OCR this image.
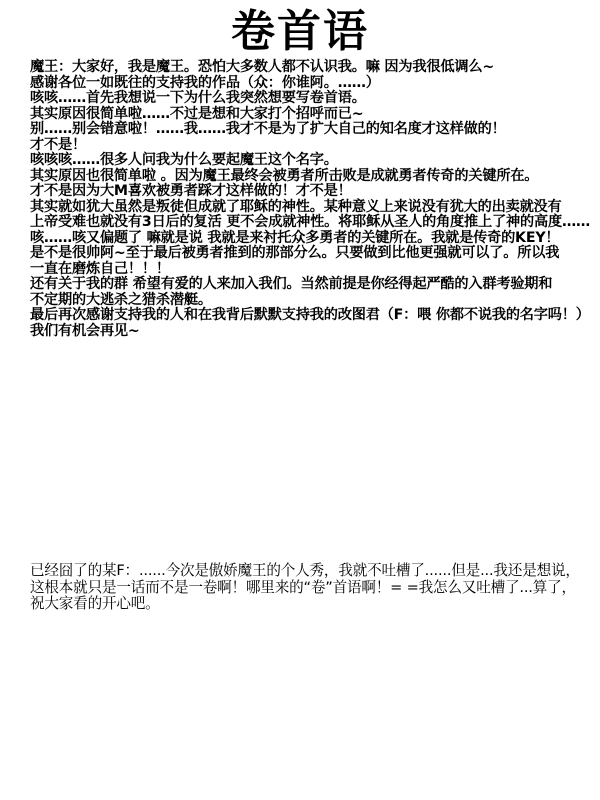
卷首语

魔王：大家好，我是魔王。恐怕大多数人都不认识我。嘛 因为我很低调么~

感谢各位一如既往的支持我的作品（众：你谁阿。……）

咳咳……首先我想说一下为什么我突然想要写卷首语。

其实原因很简单啦……不过是想和大家打个招呼而已~

别……别会错意啦！……我……我才不是为了扩大自己的知名度才这样做的！

才不是！

咳咳咳……很多人问我为什么要起魔王这个名字。

其实原因也很简单啦 。因为魔王最终会被勇者所击败是成就勇者传奇的关键所在。

才不是因为大M喜欢被勇者踩才这样做的！才不是！

其实就如犹大虽然是叛徒但成就了耶稣的神性。某种意义上来说没有犹大的出卖就没有

上帝受难也就没有3日后的复活 更不会成就神性。将耶稣从圣人的角度推上了神的高度……咳……咳又偏题了 嘛就是说 我就是来衬托众多勇者的关键所在。我就是传奇的KEY！

是不是很帅阿~至于最后被勇者推到的那部分么。只要做到比他更强就可以了。所以我

一直在磨炼自己！！！

还有关于我的群 希望有爱的人来加入我们。当然前提是你经得起严酷的入群考验期和

不定期的大逃杀之猎杀潜艇。

最后再次感谢支持我的人和在我背后默默支持我的改图君（F：喂 你都不说我的名字吗！）

我们有机会再见~

已经囧了的某F：......今次是傲娇魔王的个人秀，我就不吐槽了......但是...我还是想说，这根本就只是一话而不是一卷啊！哪里来的“卷”首语啊！= =我怎么又吐槽了...算了，祝大家看的开心吧。
